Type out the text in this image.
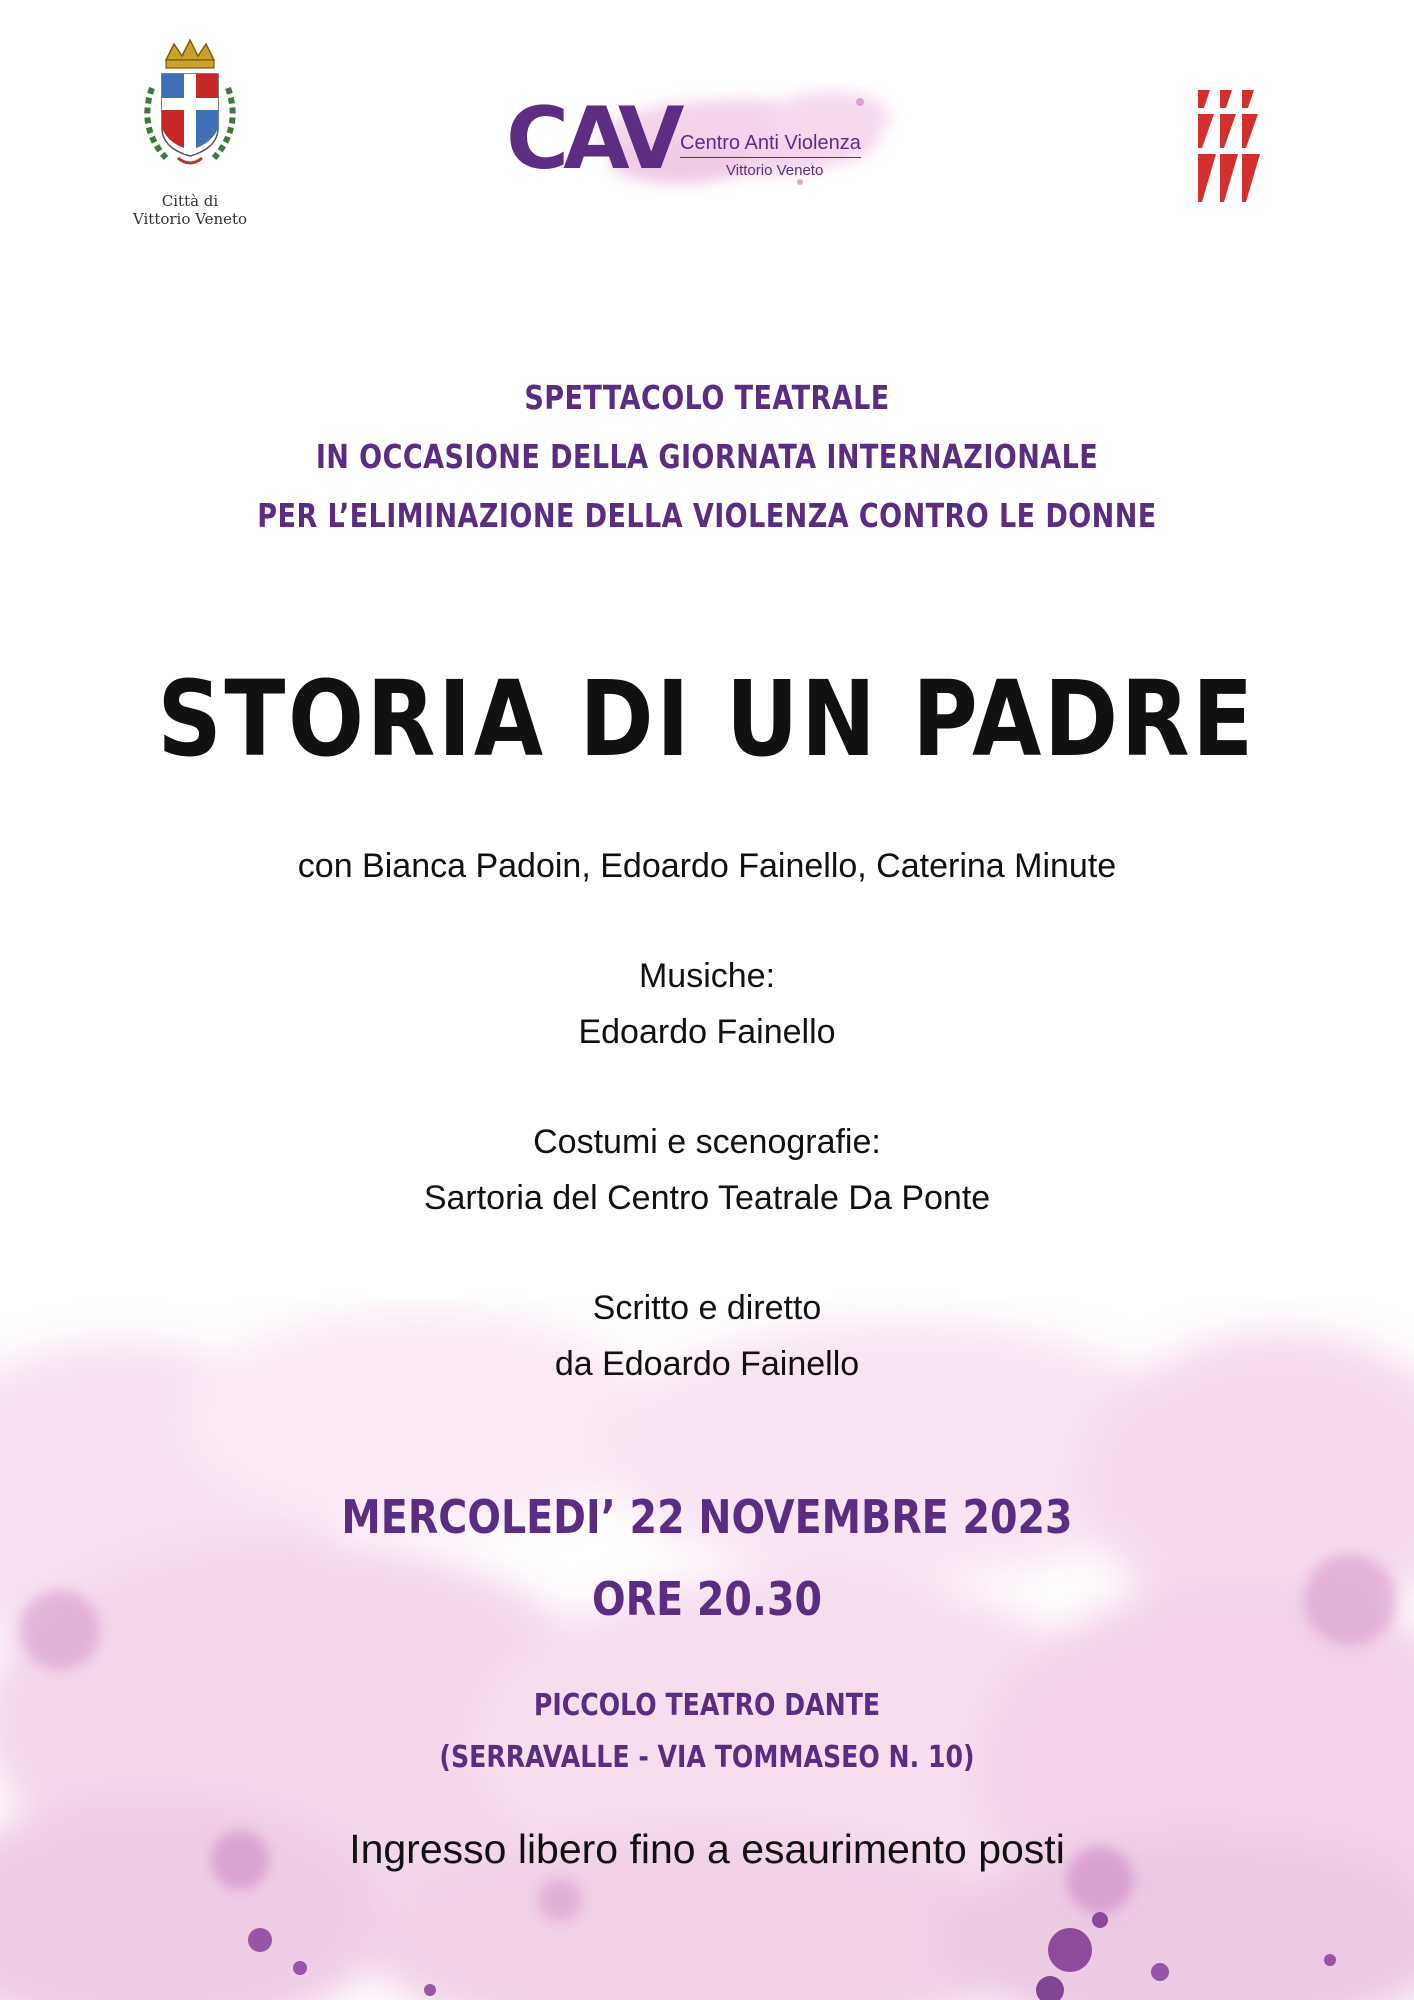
Città di
Vittorio Veneto
CAV Centro Anti Violenza
Vittorio Veneto
SPETTACOLO TEATRALE
IN OCCASIONE DELLA GIORNATA INTERNAZIONALE
PER L’ELIMINAZIONE DELLA VIOLENZA CONTRO LE DONNE
STORIA DI UN PADRE
con Bianca Padoin, Edoardo Fainello, Caterina Minute
Musiche:
Edoardo Fainello
Costumi e scenografie:
Sartoria del Centro Teatrale Da Ponte
Scritto e diretto
da Edoardo Fainello
MERCOLEDI’ 22 NOVEMBRE 2023
ORE 20.30
PICCOLO TEATRO DANTE
(SERRAVALLE - VIA TOMMASEO N. 10)
Ingresso libero fino a esaurimento posti
